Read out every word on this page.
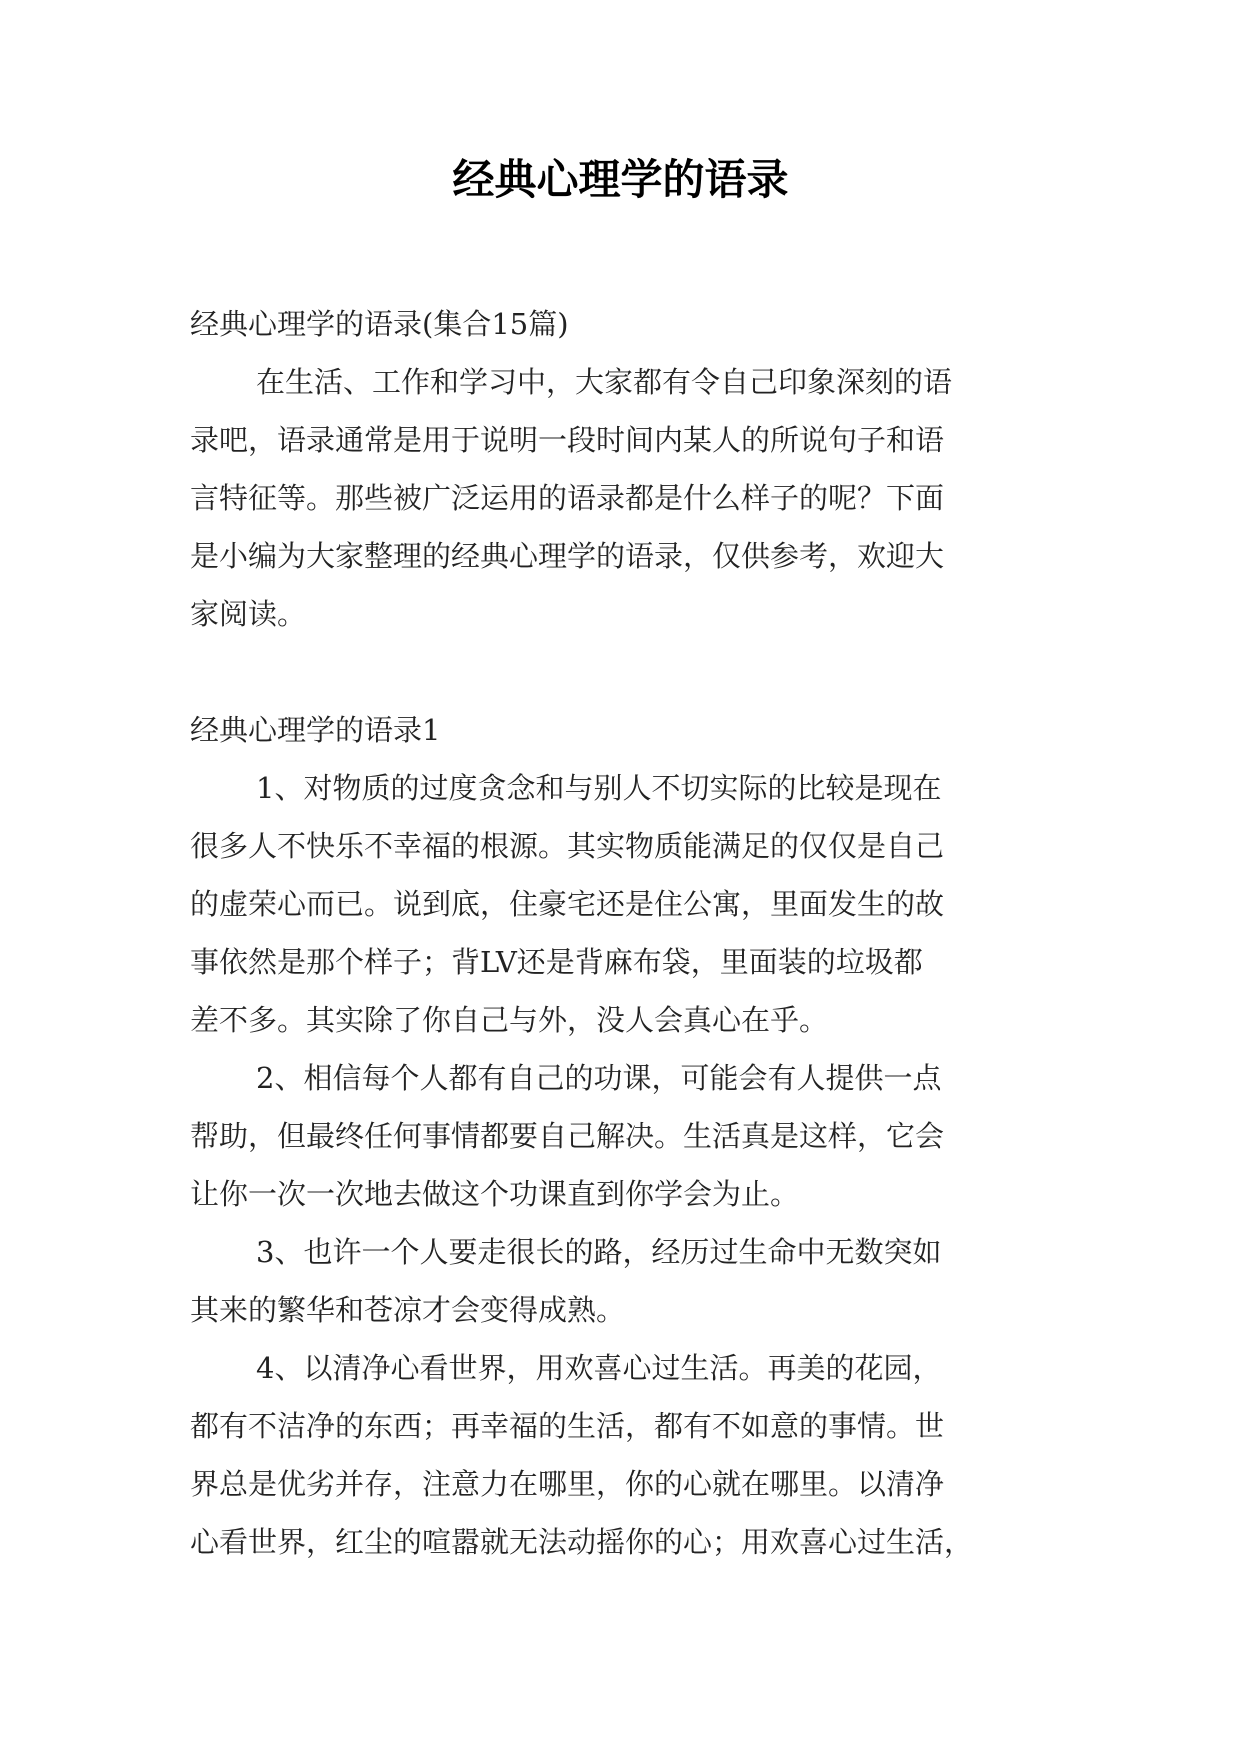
经典心理学的语录
经典心理学的语录(集合15篇)
在生活、工作和学习中，大家都有令自己印象深刻的语
录吧，语录通常是用于说明一段时间内某人的所说句子和语
言特征等。那些被广泛运用的语录都是什么样子的呢？下面
是小编为大家整理的经典心理学的语录，仅供参考，欢迎大
家阅读。
经典心理学的语录1
1、对物质的过度贪念和与别人不切实际的比较是现在
很多人不快乐不幸福的根源。其实物质能满足的仅仅是自己
的虚荣心而已。说到底，住豪宅还是住公寓，里面发生的故
事依然是那个样子；背LV还是背麻布袋，里面装的垃圾都
差不多。其实除了你自己与外，没人会真心在乎。
2、相信每个人都有自己的功课，可能会有人提供一点
帮助，但最终任何事情都要自己解决。生活真是这样，它会
让你一次一次地去做这个功课直到你学会为止。
3、也许一个人要走很长的路，经历过生命中无数突如
其来的繁华和苍凉才会变得成熟。
4、以清净心看世界，用欢喜心过生活。再美的花园，
都有不洁净的东西；再幸福的生活，都有不如意的事情。世
界总是优劣并存，注意力在哪里，你的心就在哪里。以清净
心看世界，红尘的喧嚣就无法动摇你的心；用欢喜心过生活，
